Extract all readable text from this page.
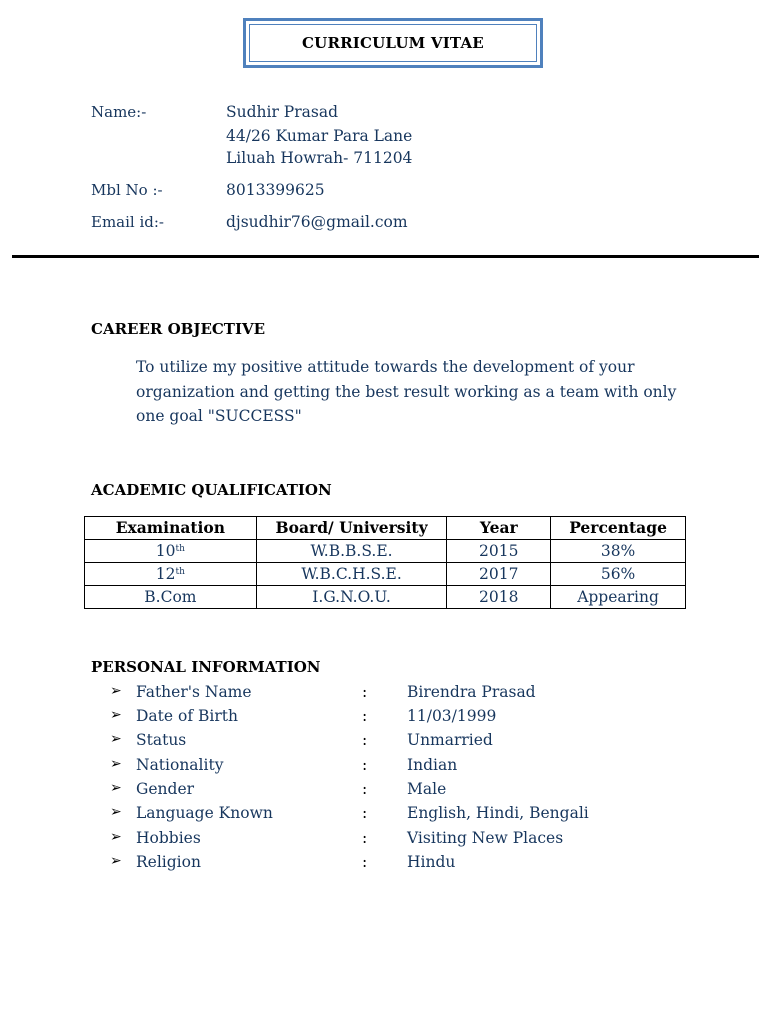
CURRICULUM VITAE
Name:-	Sudhir Prasad
44/26 Kumar Para Lane
Liluah Howrah- 711204
Mbl No :-	8013399625
Email id:-	djsudhir76@gmail.com
CAREER OBJECTIVE
To utilize my positive attitude towards the development of your organization and getting the best result working as a team with only one goal "SUCCESS"
ACADEMIC QUALIFICATION
Examination	Board/ University	Year	Percentage
10th	W.B.B.S.E.	2015	38%
12th	W.B.C.H.S.E.	2017	56%
B.Com	I.G.N.O.U.	2018	Appearing
PERSONAL INFORMATION
➢ Father's Name	:	Birendra Prasad
➢ Date of Birth	:	11/03/1999
➢ Status	:	Unmarried
➢ Nationality	:	Indian
➢ Gender	:	Male
➢ Language Known	:	English, Hindi, Bengali
➢ Hobbies	:	Visiting New Places
➢ Religion	:	Hindu
